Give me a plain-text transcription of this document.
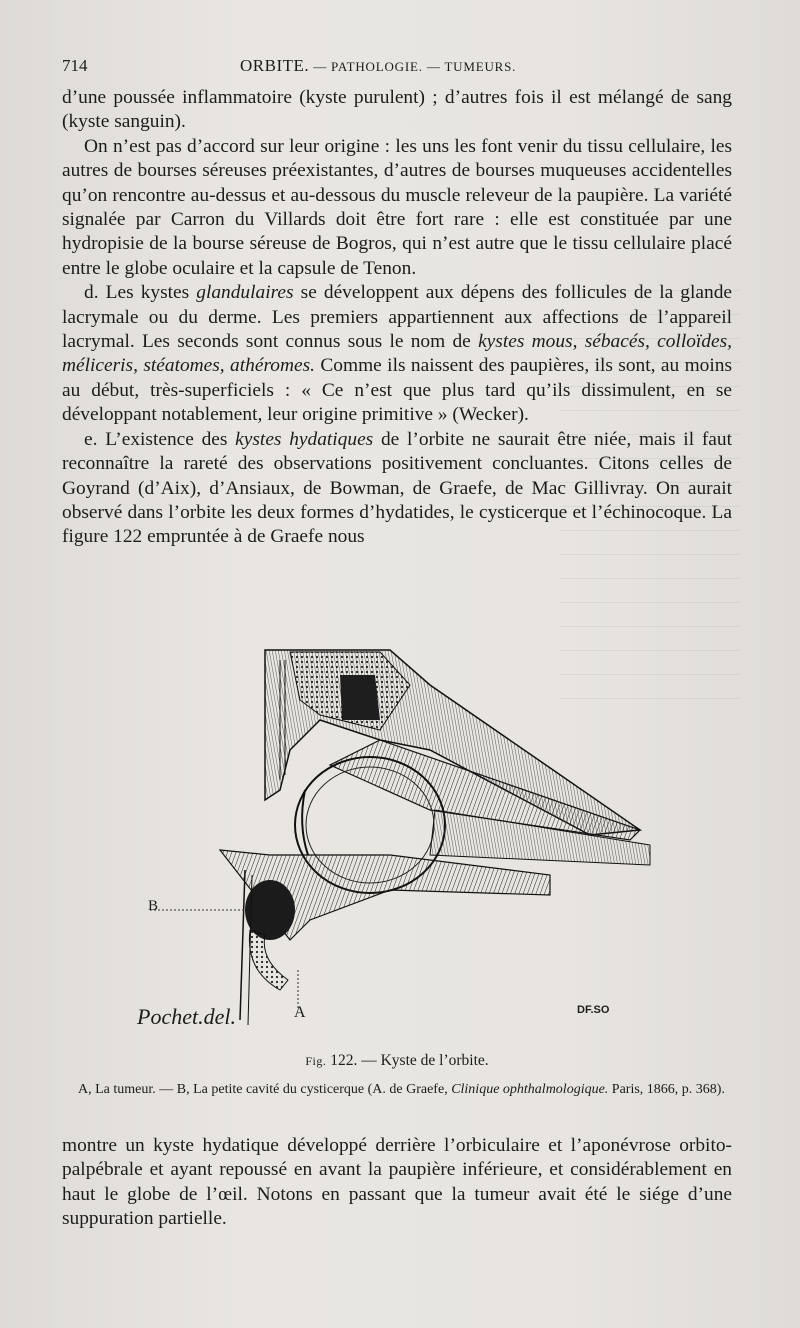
714	ORBITE. — PATHOLOGIE. — TUMEURS.

d’une poussée inflammatoire (kyste purulent) ; d’autres fois il est mélangé de sang (kyste sanguin).

On n’est pas d’accord sur leur origine : les uns les font venir du tissu cellulaire, les autres de bourses séreuses préexistantes, d’autres de bourses muqueuses accidentelles qu’on rencontre au-dessus et au-dessous du muscle releveur de la paupière. La variété signalée par Carron du Villards doit être fort rare : elle est constituée par une hydropisie de la bourse séreuse de Bogros, qui n’est autre que le tissu cellulaire placé entre le globe oculaire et la capsule de Tenon.

d. Les kystes glandulaires se développent aux dépens des follicules de la glande lacrymale ou du derme. Les premiers appartiennent aux affections de l’appareil lacrymal. Les seconds sont connus sous le nom de kystes mous, sébacés, colloïdes, méliceris, stéatomes, athéromes. Comme ils naissent des paupières, ils sont, au moins au début, très-superficiels : « Ce n’est que plus tard qu’ils dissimulent, en se développant notablement, leur origine primitive » (Wecker).

e. L’existence des kystes hydatiques de l’orbite ne saurait être niée, mais il faut reconnaître la rareté des observations positivement concluantes. Citons celles de Goyrand (d’Aix), d’Ansiaux, de Bowman, de Graefe, de Mac Gillivray. On aurait observé dans l’orbite les deux formes d’hydatides, le cysticerque et l’échinocoque. La figure 122 empruntée à de Graefe nous

B
A
Pochet.del.	DF.SO
Fig. 122. — Kyste de l’orbite.
A, La tumeur. — B, La petite cavité du cysticerque (A. de Graefe, Clinique ophthalmologique. Paris, 1866, p. 368).

montre un kyste hydatique développé derrière l’orbiculaire et l’aponévrose orbito-palpébrale et ayant repoussé en avant la paupière inférieure, et considérablement en haut le globe de l’œil. Notons en passant que la tumeur avait été le siége d’une suppuration partielle.
